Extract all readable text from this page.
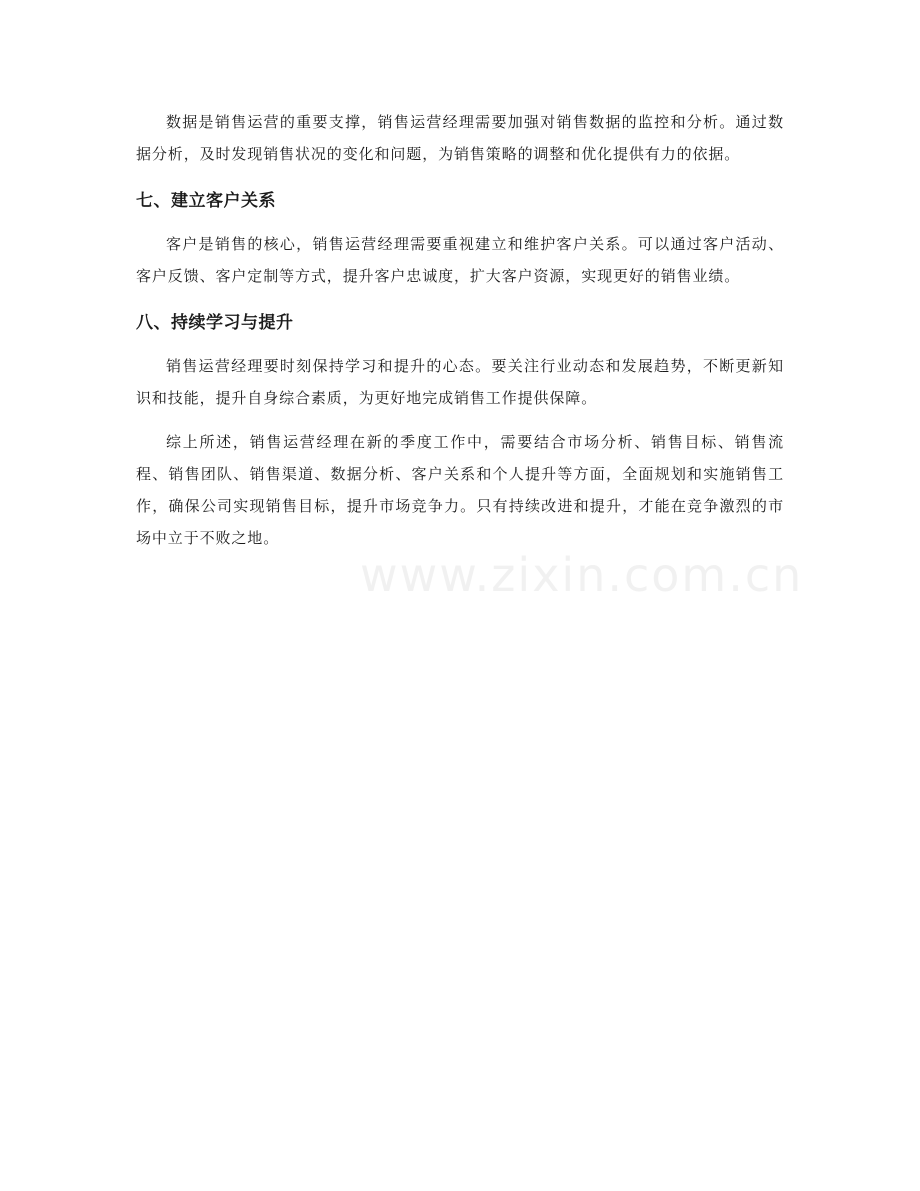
数据是销售运营的重要支撑，销售运营经理需要加强对销售数据的监控和分析。通过数据分析，及时发现销售状况的变化和问题，为销售策略的调整和优化提供有力的依据。

七、建立客户关系

客户是销售的核心，销售运营经理需要重视建立和维护客户关系。可以通过客户活动、客户反馈、客户定制等方式，提升客户忠诚度，扩大客户资源，实现更好的销售业绩。

八、持续学习与提升

销售运营经理要时刻保持学习和提升的心态。要关注行业动态和发展趋势，不断更新知识和技能，提升自身综合素质，为更好地完成销售工作提供保障。

综上所述，销售运营经理在新的季度工作中，需要结合市场分析、销售目标、销售流程、销售团队、销售渠道、数据分析、客户关系和个人提升等方面，全面规划和实施销售工作，确保公司实现销售目标，提升市场竞争力。只有持续改进和提升，才能在竞争激烈的市场中立于不败之地。

www.zixin.com.cn
